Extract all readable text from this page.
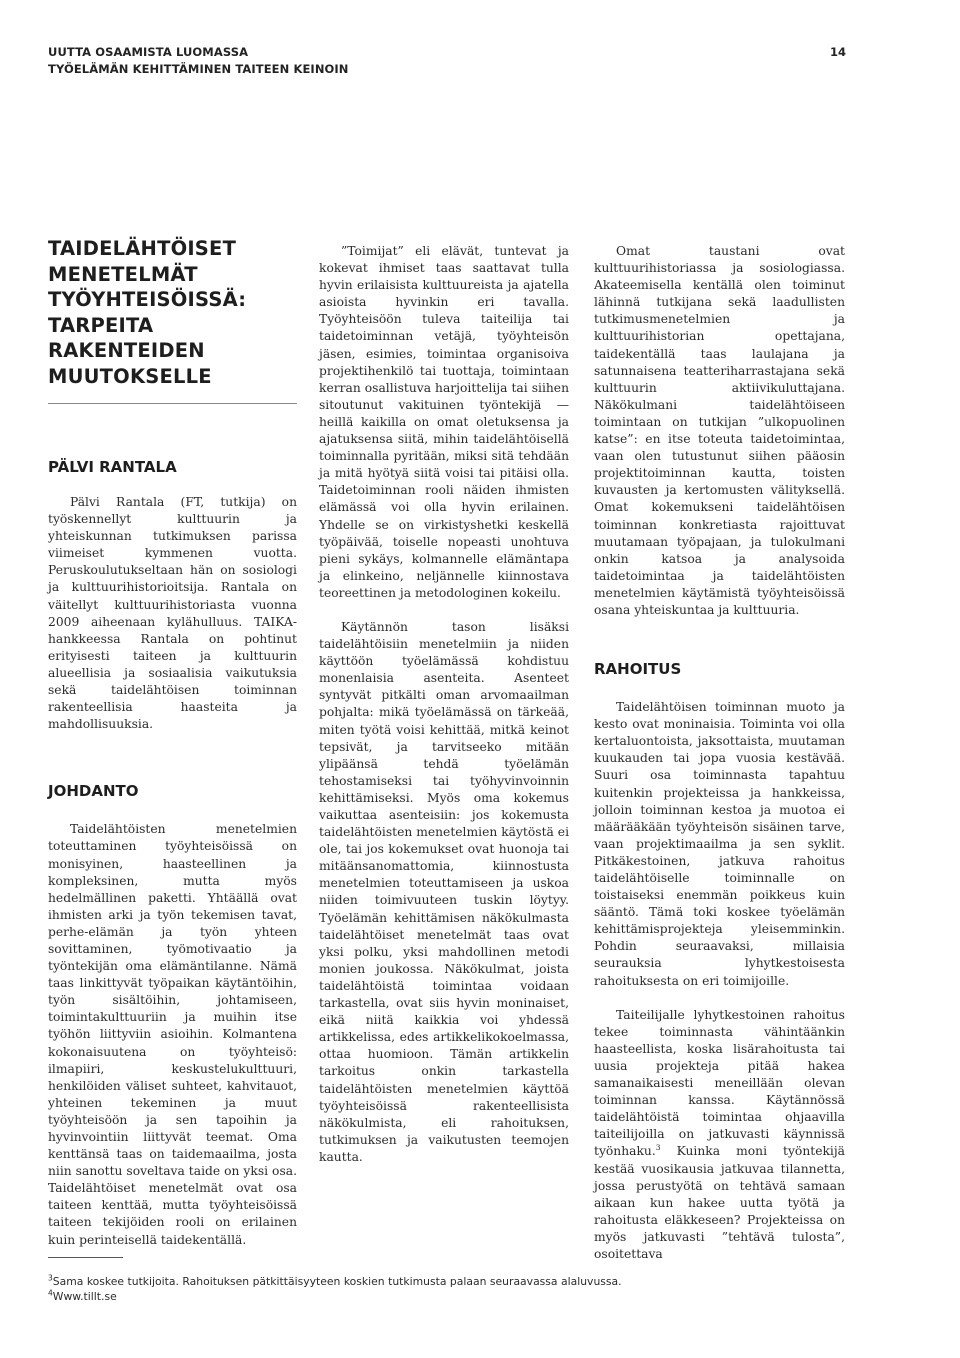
UUTTA OSAAMISTA LUOMASSA
TYÖELÄMÄN KEHITTÄMINEN TAITEEN KEINOIN
14
TAIDELÄHTÖISET
MENETELMÄT
TYÖYHTEISÖISSÄ:
TARPEITA
RAKENTEIDEN
MUUTOKSELLE
PÄLVI RANTALA

Pälvi Rantala (FT, tutkija) on työskennellyt kulttuurin ja yhteiskunnan tutkimuksen parissa viimeiset kymmenen vuotta. Peruskoulutukseltaan hän on sosiologi ja kulttuurihistorioitsija. Rantala on väitellyt kulttuurihistoriasta vuonna 2009 aiheenaan kylähulluus. TAIKA-hankkeessa Rantala on pohtinut erityisesti taiteen ja kulttuurin alueellisia ja sosiaalisia vaikutuksia sekä taidelähtöisen toiminnan rakenteellisia haasteita ja mahdollisuuksia.

JOHDANTO

Taidelähtöisten menetelmien toteuttaminen työyhteisöissä on monisyinen, haasteellinen ja kompleksinen, mutta myös hedelmällinen paketti. Yhtäällä ovat ihmisten arki ja työn tekemisen tavat, perhe-elämän ja työn yhteen sovittaminen, työmotivaatio ja työntekijän oma elämäntilanne. Nämä taas linkittyvät työpaikan käytäntöihin, työn sisältöihin, johtamiseen, toimintakulttuuriin ja muihin itse työhön liittyviin asioihin. Kolmantena kokonaisuutena on työyhteisö: ilmapiiri, keskustelukulttuuri, henkilöiden väliset suhteet, kahvitauot, yhteinen tekeminen ja muut työyhteisöön ja sen tapoihin ja hyvinvointiin liittyvät teemat. Oma kenttänsä taas on taidemaailma, josta niin sanottu soveltava taide on yksi osa. Taidelähtöiset menetelmät ovat osa taiteen kenttää, mutta työyhteisöissä taiteen tekijöiden rooli on erilainen kuin perinteisellä taidekentällä.

”Toimijat” eli elävät, tuntevat ja kokevat ihmiset taas saattavat tulla hyvin erilaisista kulttuureista ja ajatella asioista hyvinkin eri tavalla. Työyhteisöön tuleva taiteilija tai taidetoiminnan vetäjä, työyhteisön jäsen, esimies, toimintaa organisoiva projektihenkilö tai tuottaja, toimintaan kerran osallistuva harjoittelija tai siihen sitoutunut vakituinen työntekijä — heillä kaikilla on omat oletuksensa ja ajatuksensa siitä, mihin taidelähtöisellä toiminnalla pyritään, miksi sitä tehdään ja mitä hyötyä siitä voisi tai pitäisi olla. Taidetoiminnan rooli näiden ihmisten elämässä voi olla hyvin erilainen. Yhdelle se on virkistyshetki keskellä työpäivää, toiselle nopeasti unohtuva pieni sykäys, kolmannelle elämäntapa ja elinkeino, neljännelle kiinnostava teoreettinen ja metodologinen kokeilu.

Käytännön tason lisäksi taidelähtöisiin menetelmiin ja niiden käyttöön työelämässä kohdistuu monenlaisia asenteita. Asenteet syntyvät pitkälti oman arvomaailman pohjalta: mikä työelämässä on tärkeää, miten työtä voisi kehittää, mitkä keinot tepsivät, ja tarvitseeko mitään ylipäänsä tehdä työelämän tehostamiseksi tai työhyvinvoinnin kehittämiseksi. Myös oma kokemus vaikuttaa asenteisiin: jos kokemusta taidelähtöisten menetelmien käytöstä ei ole, tai jos kokemukset ovat huonoja tai mitäänsanomattomia, kiinnostusta menetelmien toteuttamiseen ja uskoa niiden toimivuuteen tuskin löytyy. Työelämän kehittämisen näkökulmasta taidelähtöiset menetelmät taas ovat yksi polku, yksi mahdollinen metodi monien joukossa. Näkökulmat, joista taidelähtöistä toimintaa voidaan tarkastella, ovat siis hyvin moninaiset, eikä niitä kaikkia voi yhdessä artikkelissa, edes artikkelikokoelmassa, ottaa huomioon. Tämän artikkelin tarkoitus onkin tarkastella taidelähtöisten menetelmien käyttöä työyhteisöissä rakenteellisista näkökulmista, eli rahoituksen, tutkimuksen ja vaikutusten teemojen kautta.

Omat taustani ovat kulttuurihistoriassa ja sosiologiassa. Akateemisella kentällä olen toiminut lähinnä tutkijana sekä laadullisten tutkimusmenetelmien ja kulttuurihistorian opettajana, taidekentällä taas laulajana ja satunnaisena teatteriharrastajana sekä kulttuurin aktiivikuluttajana. Näkökulmani taidelähtöiseen toimintaan on tutkijan ”ulkopuolinen katse”: en itse toteuta taidetoimintaa, vaan olen tutustunut siihen pääosin projektitoiminnan kautta, toisten kuvausten ja kertomusten välityksellä. Omat kokemukseni taidelähtöisen toiminnan konkretiasta rajoittuvat muutamaan työpajaan, ja tulokulmani onkin katsoa ja analysoida taidetoimintaa ja taidelähtöisten menetelmien käytämistä työyhteisöissä osana yhteiskuntaa ja kulttuuria.

RAHOITUS

Taidelähtöisen toiminnan muoto ja kesto ovat moninaisia. Toiminta voi olla kertaluontoista, jaksottaista, muutaman kuukauden tai jopa vuosia kestävää. Suuri osa toiminnasta tapahtuu kuitenkin projekteissa ja hankkeissa, jolloin toiminnan kestoa ja muotoa ei määrääkään työyhteisön sisäinen tarve, vaan projektimaailma ja sen syklit. Pitkäkestoinen, jatkuva rahoitus taidelähtöiselle toiminnalle on toistaiseksi enemmän poikkeus kuin sääntö. Tämä toki koskee työelämän kehittämisprojekteja yleisemminkin. Pohdin seuraavaksi, millaisia seurauksia lyhytkestoisesta rahoituksesta on eri toimijoille.

Taiteilijalle lyhytkestoinen rahoitus tekee toiminnasta vähintäänkin haasteellista, koska lisärahoitusta tai uusia projekteja pitää hakea samanaikaisesti meneillään olevan toiminnan kanssa. Käytännössä taidelähtöistä toimintaa ohjaavilla taiteilijoilla on jatkuvasti käynnissä työnhaku.$^3$ Kuinka moni työntekijä kestää vuosikausia jatkuvaa tilannetta, jossa perustyötä on tehtävä samaan aikaan kun hakee uutta työtä ja rahoitusta eläkkeseen? Projekteissa on myös jatkuvasti ”tehtävä tulosta”, osoitettava

$^3$Sama koskee tutkijoita. Rahoituksen pätkittäisyyteen koskien tutkimusta palaan seuraavassa alaluvussa.
$^4$Www.tillt.se
